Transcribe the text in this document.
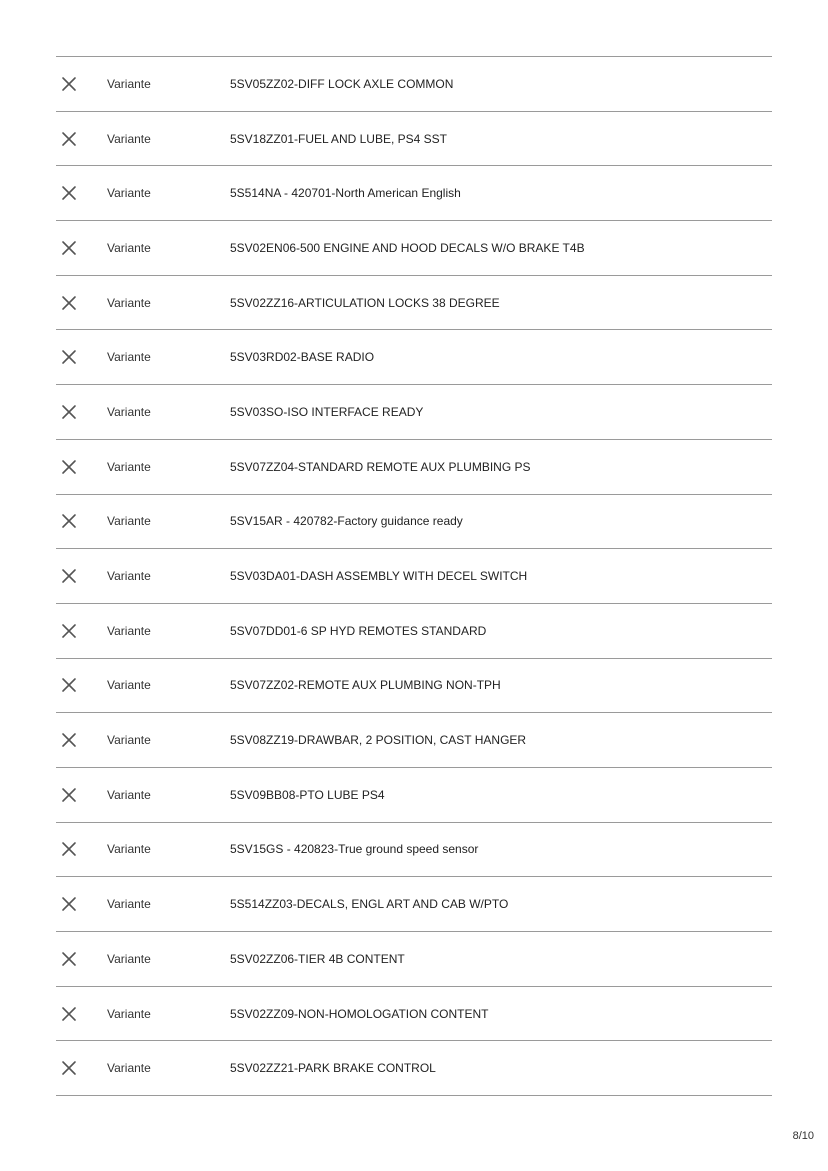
Variante	5SV05ZZ02-DIFF LOCK AXLE COMMON
Variante	5SV18ZZ01-FUEL AND LUBE, PS4 SST
Variante	5S514NA - 420701-North American English
Variante	5SV02EN06-500 ENGINE AND HOOD DECALS W/O BRAKE T4B
Variante	5SV02ZZ16-ARTICULATION LOCKS 38 DEGREE
Variante	5SV03RD02-BASE RADIO
Variante	5SV03SO-ISO INTERFACE READY
Variante	5SV07ZZ04-STANDARD REMOTE AUX PLUMBING PS
Variante	5SV15AR - 420782-Factory guidance ready
Variante	5SV03DA01-DASH ASSEMBLY WITH DECEL SWITCH
Variante	5SV07DD01-6 SP HYD REMOTES STANDARD
Variante	5SV07ZZ02-REMOTE AUX PLUMBING NON-TPH
Variante	5SV08ZZ19-DRAWBAR, 2 POSITION, CAST HANGER
Variante	5SV09BB08-PTO LUBE PS4
Variante	5SV15GS - 420823-True ground speed sensor
Variante	5S514ZZ03-DECALS, ENGL ART AND CAB W/PTO
Variante	5SV02ZZ06-TIER 4B CONTENT
Variante	5SV02ZZ09-NON-HOMOLOGATION CONTENT
Variante	5SV02ZZ21-PARK BRAKE CONTROL
8/10
